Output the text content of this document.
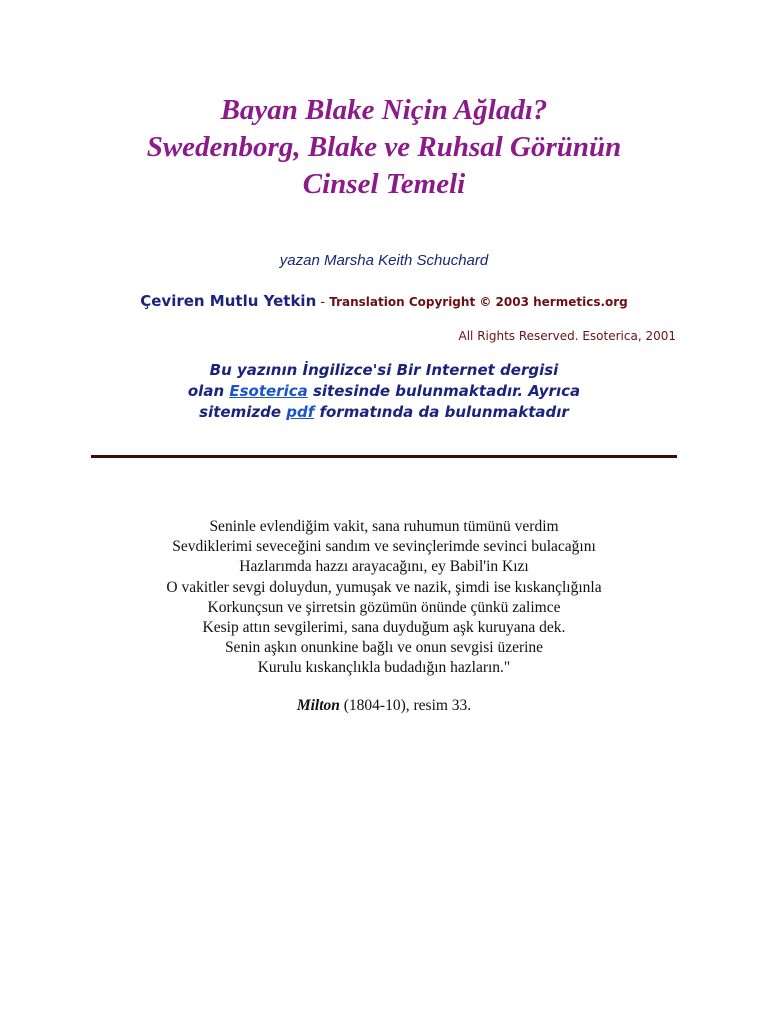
Bayan Blake Niçin Ağladı?
Swedenborg, Blake ve Ruhsal Görünün
Cinsel Temeli
yazan Marsha Keith Schuchard
Çeviren Mutlu Yetkin - Translation Copyright © 2003 hermetics.org
All Rights Reserved. Esoterica, 2001
Bu yazının İngilizce'si Bir Internet dergisi
olan Esoterica sitesinde bulunmaktadır. Ayrıca
sitemizde pdf formatında da bulunmaktadır
Seninle evlendiğim vakit, sana ruhumun tümünü verdim
Sevdiklerimi seveceğini sandım ve sevinçlerimde sevinci bulacağını
Hazlarımda hazzı arayacağını, ey Babil'in Kızı
O vakitler sevgi doluydun, yumuşak ve nazik, şimdi ise kıskançlığınla
Korkunçsun ve şirretsin gözümün önünde çünkü zalimce
Kesip attın sevgilerimi, sana duyduğum aşk kuruyana dek.
Senin aşkın onunkine bağlı ve onun sevgisi üzerine
Kurulu kıskançlıkla budadığın hazların."
Milton (1804-10), resim 33.
